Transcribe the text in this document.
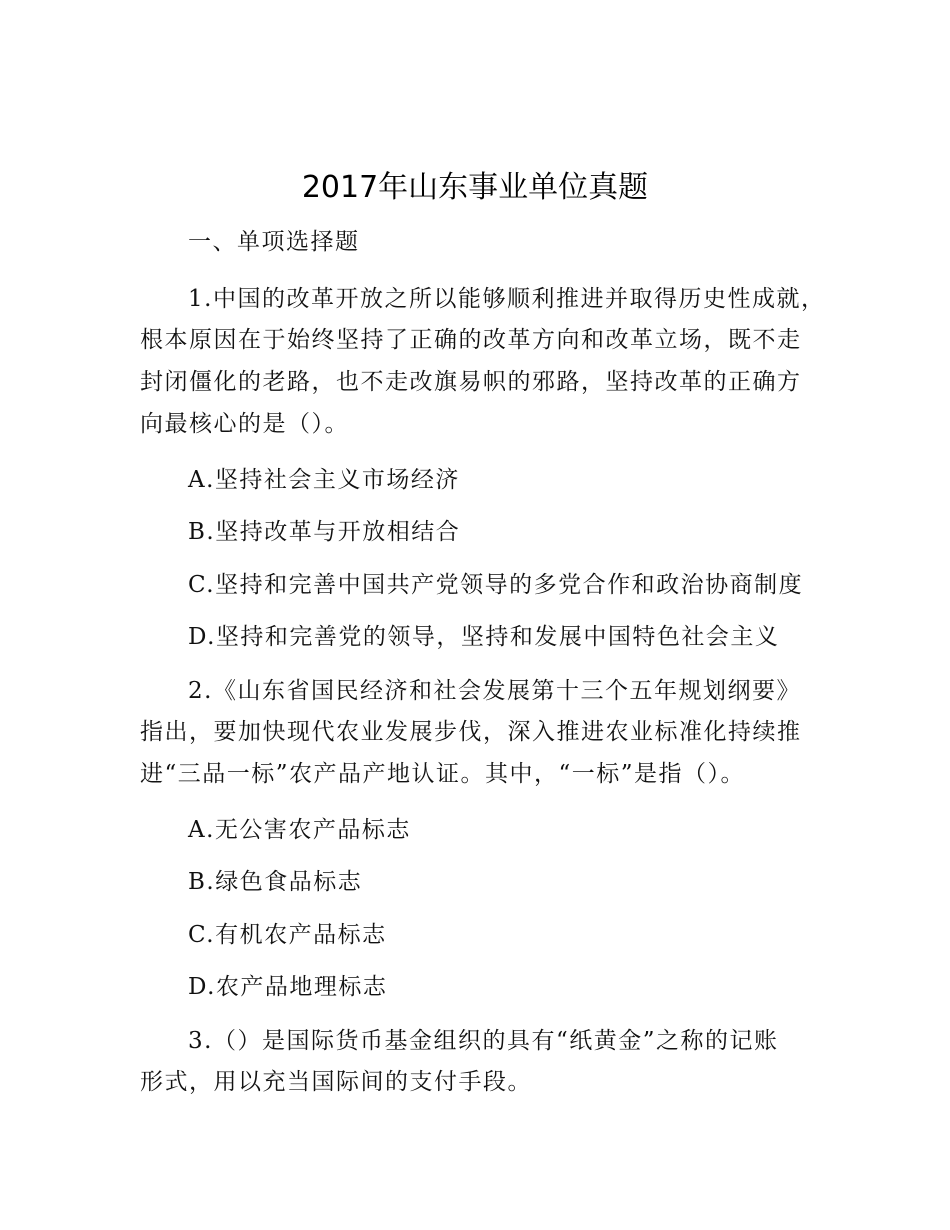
2017年山东事业单位真题
一、单项选择题
1.中国的改革开放之所以能够顺利推进并取得历史性成就，
根本原因在于始终坚持了正确的改革方向和改革立场，既不走
封闭僵化的老路，也不走改旗易帜的邪路，坚持改革的正确方
向最核心的是（）。
A.坚持社会主义市场经济
B.坚持改革与开放相结合
C.坚持和完善中国共产党领导的多党合作和政治协商制度
D.坚持和完善党的领导，坚持和发展中国特色社会主义
2.《山东省国民经济和社会发展第十三个五年规划纲要》
指出，要加快现代农业发展步伐，深入推进农业标准化持续推
进“三品一标”农产品产地认证。其中，“一标”是指（）。
A.无公害农产品标志
B.绿色食品标志
C.有机农产品标志
D.农产品地理标志
3.（）是国际货币基金组织的具有“纸黄金”之称的记账
形式，用以充当国际间的支付手段。
